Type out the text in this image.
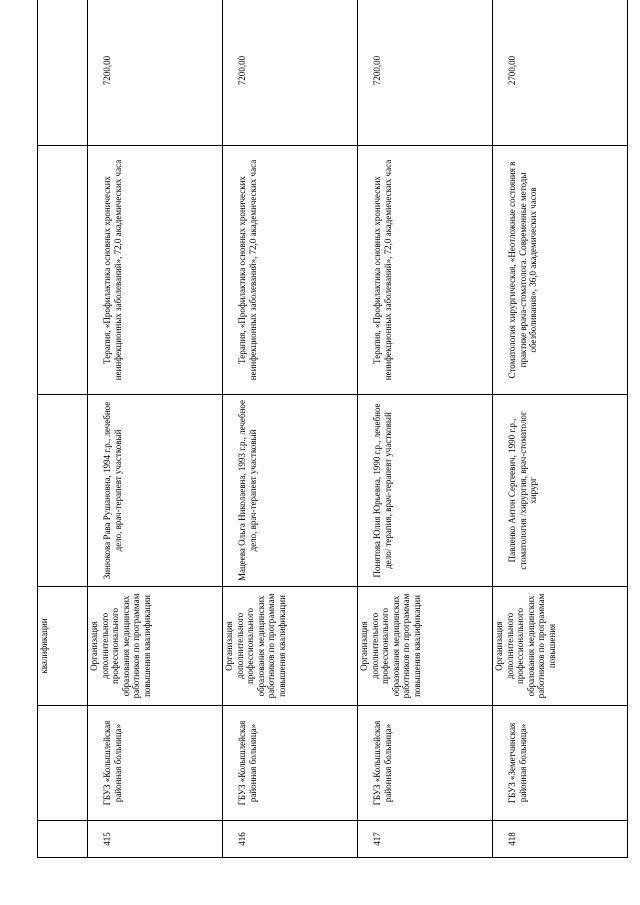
		квалификации			
415	ГБУЗ «Колышлейская районная больница»	Организация дополнительного профессионального образования медицинских работников по программам повышения квалификации	Зинюкова Рава Рушановна, 1994 г.р., лечебное дело, врач-терапевт участковый	Терапия, «Профилактика основных хронических неинфекционных заболеваний», 72,0 академических часа	7200,00
416	ГБУЗ «Колышлейская районная больница»	Организация дополнительного профессионального образования медицинских работников по программам повышения квалификации	Мацеева Ольга Николаевна, 1993 г.р., лечебное дело, врач-терапевт участковый	Терапия, «Профилактика основных хронических неинфекционных заболеваний», 72,0 академических часа	7200,00
417	ГБУЗ «Колышлейская районная больница»	Организация дополнительного профессионального образования медицинских работников по программам повышения квалификации	Понятова Юлия Юрьевна, 1990 г.р., лечебное дело/ терапия, врач-терапевт участковый	Терапия, «Профилактика основных хронических неинфекционных заболеваний», 72,0 академических часа	7200,00
418	ГБУЗ «Земетчинская районная больница»	Организация дополнительного профессионального образования медицинских работников по программам повышения	Павленко Антон Сергеевич, 1990 г.р., стоматология /хирургия, врач-стоматолог хирург	Стоматология хирургическая, «Неотложные состояния в практике врача-стоматолога. Современные методы обезболивания», 36,0 академических часов	2700,00
